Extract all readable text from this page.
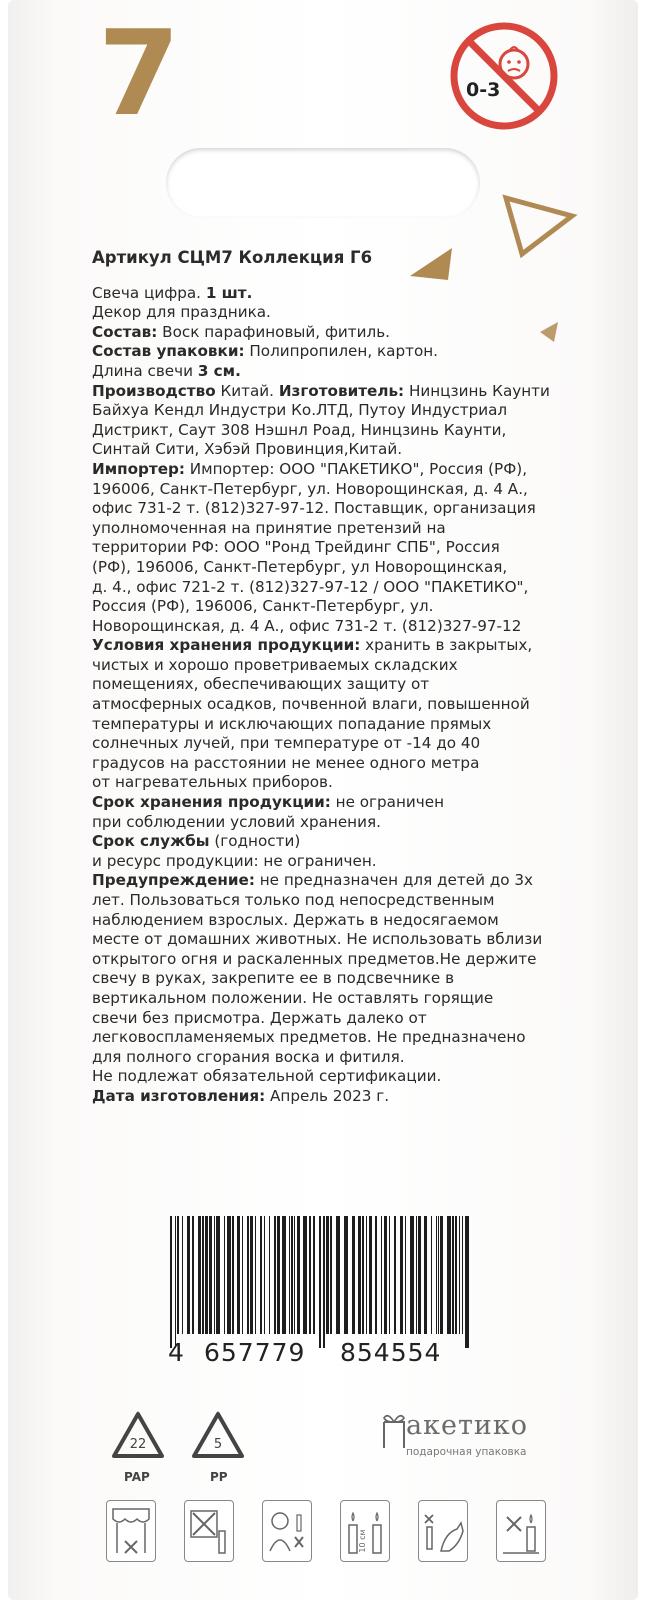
7	0-3
Артикул СЦМ7 Коллекция Г6
Свеча цифра. 1 шт.
Декор для праздника.
Состав: Воск парафиновый, фитиль.
Состав упаковки: Полипропилен, картон.
Длина свечи 3 см.
Производство Китай. Изготовитель: Нинцзинь Каунти
Байхуа Кендл Индустри Ко.ЛТД, Путоу Индустриал
Дистрикт, Саут 308 Нэшнл Роад, Нинцзинь Каунти,
Синтай Сити, Хэбэй Провинция,Китай.
Импортер: Импортер: ООО "ПАКЕТИКО", Россия (РФ),
196006, Санкт-Петербург, ул. Новорощинская, д. 4 А.,
офис 731-2 т. (812)327-97-12. Поставщик, организация
уполномоченная на принятие претензий на
территории РФ: ООО "Ронд Трейдинг СПБ", Россия
(РФ), 196006, Санкт-Петербург, ул Новорощинская,
д. 4., офис 721-2 т. (812)327-97-12 / ООО "ПАКЕТИКО",
Россия (РФ), 196006, Санкт-Петербург, ул.
Новорощинская, д. 4 А., офис 731-2 т. (812)327-97-12
Условия хранения продукции: хранить в закрытых,
чистых и хорошо проветриваемых складских
помещениях, обеспечивающих защиту от
атмосферных осадков, почвенной влаги, повышенной
температуры и исключающих попадание прямых
солнечных лучей, при температуре от -14 до 40
градусов на расстоянии не менее одного метра
от нагревательных приборов.
Срок хранения продукции: не ограничен
при соблюдении условий хранения.
Срок службы (годности)
и ресурс продукции: не ограничен.
Предупреждение: не предназначен для детей до 3х
лет. Пользоваться только под непосредственным
наблюдением взрослых. Держать в недосягаемом
месте от домашних животных. Не использовать вблизи
открытого огня и раскаленных предметов.Не держите
свечу в руках, закрепите ее в подсвечнике в
вертикальном положении. Не оставлять горящие
свечи без присмотра. Держать далеко от
легковоспламеняемых предметов. Не предназначено
для полного сгорания воска и фитиля.
Не подлежат обязательной сертификации.
Дата изготовления: Апрель 2023 г.
4 657779 854554
22
PAP
5
PP
акетико
подарочная упаковка
10 см
